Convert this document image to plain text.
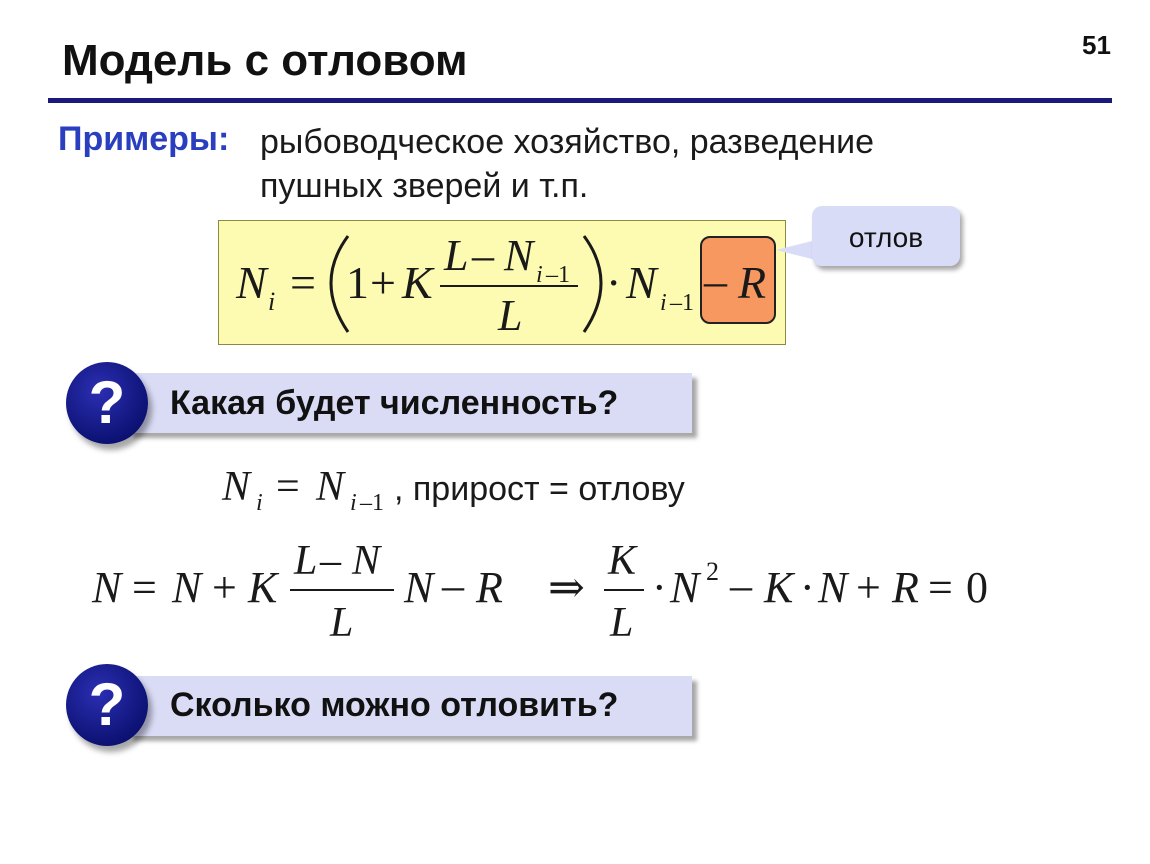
Модель с отловом	51
Примеры: рыбоводческое хозяйство, разведение пушных зверей и т.п.
N i = 1 + K
L – N i –1
L
· N i –1 – R
отлов
?	Какая будет численность?
N i = N i –1 , прирост = отлову
N = N + K
L – N
L
N – R ⇒
K
L
· N 2 – K · N + R = 0
?	Сколько можно отловить?
